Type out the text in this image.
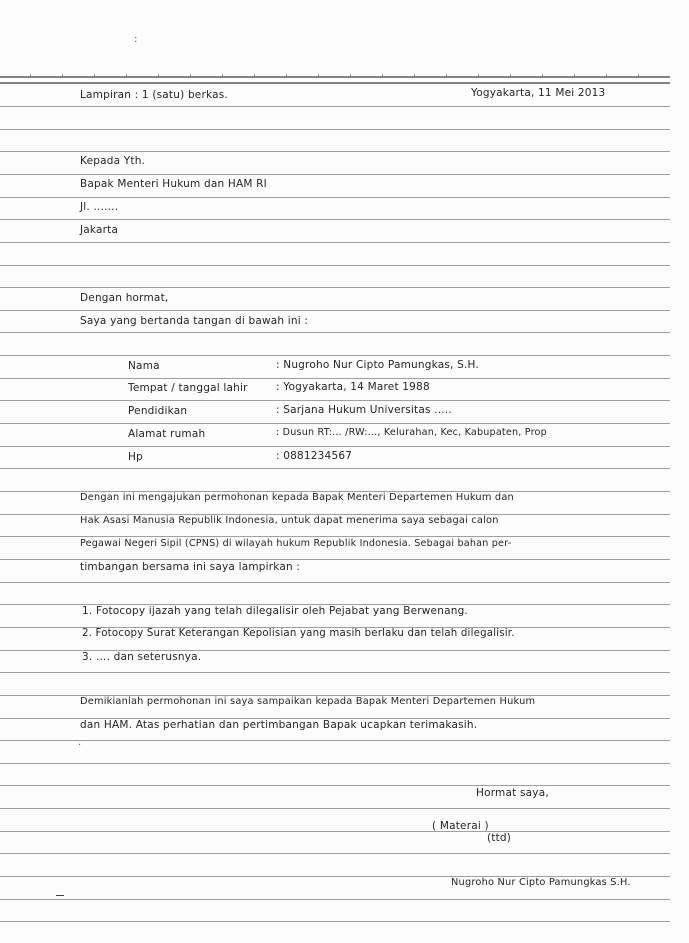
:
·
Lampiran : 1 (satu) berkas.	Yogyakarta, 11 Mei 2013
Kepada Yth.
Bapak Menteri Hukum dan HAM RI
Jl. .......
Jakarta
Dengan hormat,
Saya yang bertanda tangan di bawah ini :
Nama	: Nugroho Nur Cipto Pamungkas, S.H.
Tempat / tanggal lahir	: Yogyakarta, 14 Maret 1988
Pendidikan	: Sarjana Hukum Universitas .....
Alamat rumah	: Dusun RT:... /RW:..., Kelurahan, Kec, Kabupaten, Prop
Hp	: 0881234567
Dengan ini mengajukan permohonan kepada Bapak Menteri Departemen Hukum dan
Hak Asasi Manusia Republik Indonesia, untuk dapat menerima saya sebagai calon
Pegawai Negeri Sipil (CPNS) di wilayah hukum Republik Indonesia. Sebagai bahan per-
timbangan bersama ini saya lampirkan :
1. Fotocopy ijazah yang telah dilegalisir oleh Pejabat yang Berwenang.
2. Fotocopy Surat Keterangan Kepolisian yang masih berlaku dan telah dilegalisir.
3. .... dan seterusnya.
Demikianlah permohonan ini saya sampaikan kepada Bapak Menteri Departemen Hukum
dan HAM. Atas perhatian dan pertimbangan Bapak ucapkan terimakasih.
Hormat saya,
( Materai )
(ttd)
Nugroho Nur Cipto Pamungkas S.H.
